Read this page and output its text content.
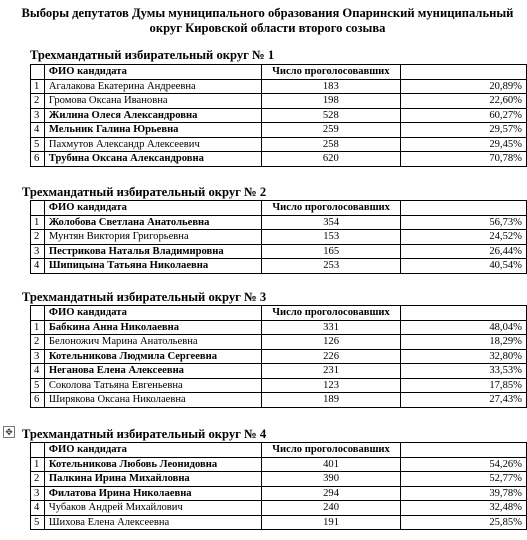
Выборы депутатов Думы муниципального образования Опаринский муниципальный округ Кировской области второго созыва
Трехмандатный избирательный округ № 1
	ФИО кандидата	Число проголосовавших	
1	Агалакова Екатерина Андреевна	183	20,89%
2	Громова Оксана Ивановна	198	22,60%
3	Жилина Олеся Александровна	528	60,27%
4	Мельник Галина Юрьевна	259	29,57%
5	Пахмутов Александр Алексеевич	258	29,45%
6	Трубина Оксана Александровна	620	70,78%
Трехмандатный избирательный округ № 2
	ФИО кандидата	Число проголосовавших	
1	Жолобова Светлана Анатольевна	354	56,73%
2	Мунтян Виктория Григорьевна	153	24,52%
3	Пестрикова Наталья Владимировна	165	26,44%
4	Шипицына Татьяна Николаевна	253	40,54%
Трехмандатный избирательный округ № 3
	ФИО кандидата	Число проголосовавших	
1	Бабкина Анна Николаевна	331	48,04%
2	Белоножич Марина Анатольевна	126	18,29%
3	Котельникова Людмила Сергеевна	226	32,80%
4	Неганова Елена Алексеевна	231	33,53%
5	Соколова Татьяна Евгеньевна	123	17,85%
6	Ширякова Оксана Николаевна	189	27,43%
✥ Трехмандатный избирательный округ № 4
	ФИО кандидата	Число проголосовавших	
1	Котельникова Любовь Леонидовна	401	54,26%
2	Палкина Ирина Михайловна	390	52,77%
3	Филатова Ирина Николаевна	294	39,78%
4	Чубаков Андрей Михайлович	240	32,48%
5	Шихова Елена Алексеевна	191	25,85%
